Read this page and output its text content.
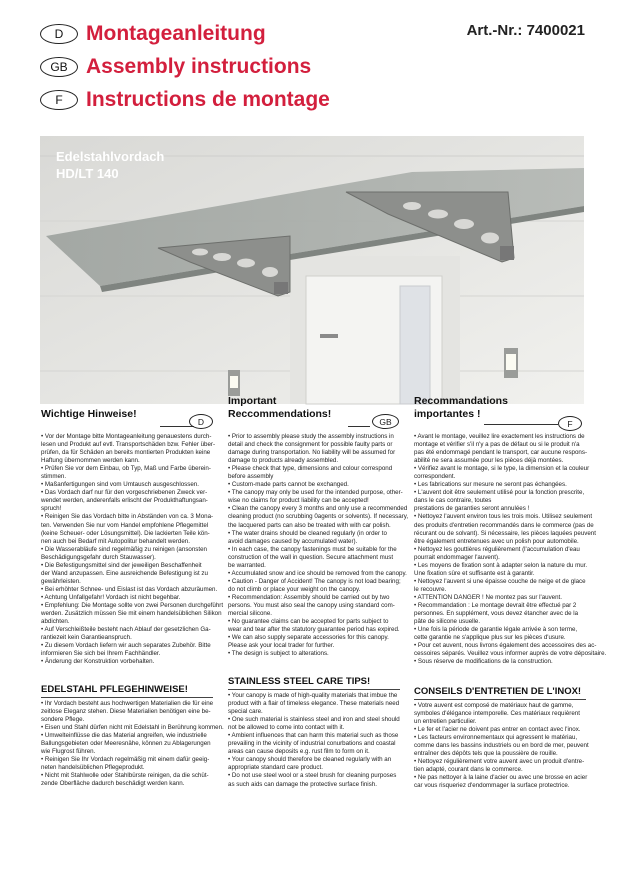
D	Montageanleitung
GB Assembly instructions
F	Instructions de montage
Art.-Nr.: 7400021
Edelstahlvordach
HD/LT 140
Wichtige Hinweise!
D
Important
Reccommendations!
GB
Recommandations
importantes !
F
• Vor der Montage bitte Montageanleitung genauestens durch-
lesen und Produkt auf evtl. Transportschäden bzw. Fehler über-
prüfen, da für Schäden an bereits montierten Produkten keine
Haftung übernommen werden kann.
• Prüfen Sie vor dem Einbau, ob Typ, Maß und Farbe überein-
stimmen.
• Maßanfertigungen sind vom Umtausch ausgeschlossen.
• Das Vordach darf nur für den vorgeschriebenen Zweck ver-
wendet werden, anderenfalls erlischt der Produkthaftungsan-
spruch!
• Reinigen Sie das Vordach bitte in Abständen von ca. 3 Mona-
ten. Verwenden Sie nur vom Handel empfohlene Pflegemittel
(keine Scheuer- oder Lösungsmittel). Die lackierten Teile kön-
nen auch bei Bedarf mit Autopolitur behandelt werden.
• Die Wasserabläufe sind regelmäßig zu reinigen (ansonsten
Beschädigungsgefahr durch Stauwasser).
• Die Befestigungsmittel sind der jeweiligen Beschaffenheit
der Wand anzupassen. Eine ausreichende Befestigung ist zu
gewährleisten.
• Bei erhöhter Schnee- und Eislast ist das Vordach abzuräumen.
• Achtung Unfallgefahr! Vordach ist nicht begehbar.
• Empfehlung: Die Montage sollte von zwei Personen durchgeführt
werden. Zusätzlich müssen Sie mit einem handelsüblichen Silikon
abdichten.
• Auf Verschleißteile besteht nach Ablauf der gesetzlichen Ga-
rantiezeit kein Garantieanspruch.
• Zu diesem Vordach liefern wir auch separates Zubehör. Bitte
informieren Sie sich bei Ihrem Fachhändler.
• Änderung der Konstruktion vorbehalten.
• Prior to assembly please study the assembly instructions in
detail and check the consignment for possible faulty parts or
damage during transportation. No liability will be assumed for
damage to products already assembled.
• Please check that type, dimensions and colour correspond
before assembly
• Custom-made parts cannot be exchanged.
• The canopy may only be used for the intended purpose, other-
wise no claims for product liability can be accepted!
• Clean the canopy every 3 months and only use a recommended
cleaning product (no scrubbing 0agents or solvents). If necessary,
the lacquered parts can also be treated with with car polish.
• The water drains should be cleaned regularly (in order to
avoid damages caused by accumulated water).
• In each case, the canopy fastenings must be suitable for the
construction of the wall in question. Secure attachment must
be warranted.
• Accumulated snow and ice should be removed from the canopy.
• Caution - Danger of Accident! The canopy is not load bearing;
do not climb or place your weight on the canopy.
• Recommendation: Assembly should be carried out by two
persons. You must also seal the canopy using standard com-
mercial silicone.
• No guarantee claims can be accepted for parts subject to
wear and tear after the statutory guarantee period has expired.
• We can also supply separate accessories for this canopy.
Please ask your local trader for further.
• The design is subject to alterations.
• Avant le montage, veuillez lire exactement les instructions de
montage et vérifier s'il n'y a pas de défaut ou si le produit n'a
pas été endommagé pendant le transport, car aucune respons-
abilité ne sera assumée pour les pièces déjà montées.
• Vérifiez avant le montage, si le type, la dimension et la couleur
correspondent.
• Les fabrications sur mesure ne seront pas échangées.
• L'auvent doit être seulement utilisé pour la fonction prescrite,
dans le cas contraire, toutes
prestations de garanties seront annulées !
• Nettoyez l'auvent environ tous les trois mois. Utilisez seulement
des produits d'entretien recommandés dans le commerce (pas de
récurant ou de solvant). Si nécessaire, les pièces laquées peuvent
être également entretenues avec un polish pour automobile.
• Nettoyez les gouttières régulièrement (l'accumulation d'eau
pourrait endommager l'auvent).
• Les moyens de fixation sont à adapter selon la nature du mur.
Une fixation sûre et suffisante est à garantir.
• Nettoyez l'auvent si une épaisse couche de neige et de glace
le recouvre.
• ATTENTION DANGER ! Ne montez pas sur l'auvent.
• Recommandation : Le montage devrait être effectué par 2
personnes. En supplément, vous devez étancher avec de la
pâte de silicone usuelle.
• Une fois la période de garantie légale arrivée à son terme,
cette garantie ne s'applique plus sur les pièces d'usure.
• Pour cet auvent, nous livrons également des accessoires des ac-
cessoires séparés. Veuillez vous informer auprès de votre dépositaire.
• Sous réserve de modifications de la construction.
EDELSTAHL PFLEGEHINWEISE!
• Ihr Vordach besteht aus hochwertigen Materialien die für eine
zeitlose Eleganz stehen. Diese Materialien benötigen eine be-
sondere Pflege.
• Eisen und Stahl dürfen nicht mit Edelstahl in Berührung kommen.
• Umwelteinflüsse die das Material angreifen, wie industrielle
Ballungsgebieten oder Meeresnähe, können zu Ablagerungen
wie Flugrost führen.
• Reinigen Sie Ihr Vordach regelmäßig mit einem dafür geeig-
neten handelsüblichen Pflegeprodukt.
• Nicht mit Stahlwolle oder Stahlbürste reinigen, da die schüt-
zende Oberfläche dadurch beschädigt werden kann.
STAINLESS STEEL CARE TIPS!
• Your canopy is made of high-quality materials that imbue the
product with a flair of timeless elegance. These materials need
special care.
• One such material is stainless steel and iron and steel should
not be allowed to come into contact with it.
• Ambient influences that can harm this material such as those
prevailing in the vicinity of industrial conurbations and coastal
areas can cause deposits e.g. rust film to form on it.
• Your canopy should therefore be cleaned regularly with an
appropriate standard care product.
• Do not use steel wool or a steel brush for cleaning purposes
as such aids can damage the protective surface finish.
CONSEILS D'ENTRETIEN DE L'INOX!
• Votre auvent est composé de matériaux haut de gamme,
symboles d'élégance intemporelle. Ces matériaux requièrent
un entretien particulier.
• Le fer et l'acier ne doivent pas entrer en contact avec l'inox.
• Les facteurs environnementaux qui agressent le matériau,
comme dans les bassins industriels ou en bord de mer, peuvent
entraîner des dépôts tels que la poussière de rouille.
• Nettoyez régulièrement votre auvent avec un produit d'entre-
tien adapté, courant dans le commerce.
• Ne pas nettoyer à la laine d'acier ou avec une brosse en acier
car vous risqueriez d'endommager la surface protectrice.
